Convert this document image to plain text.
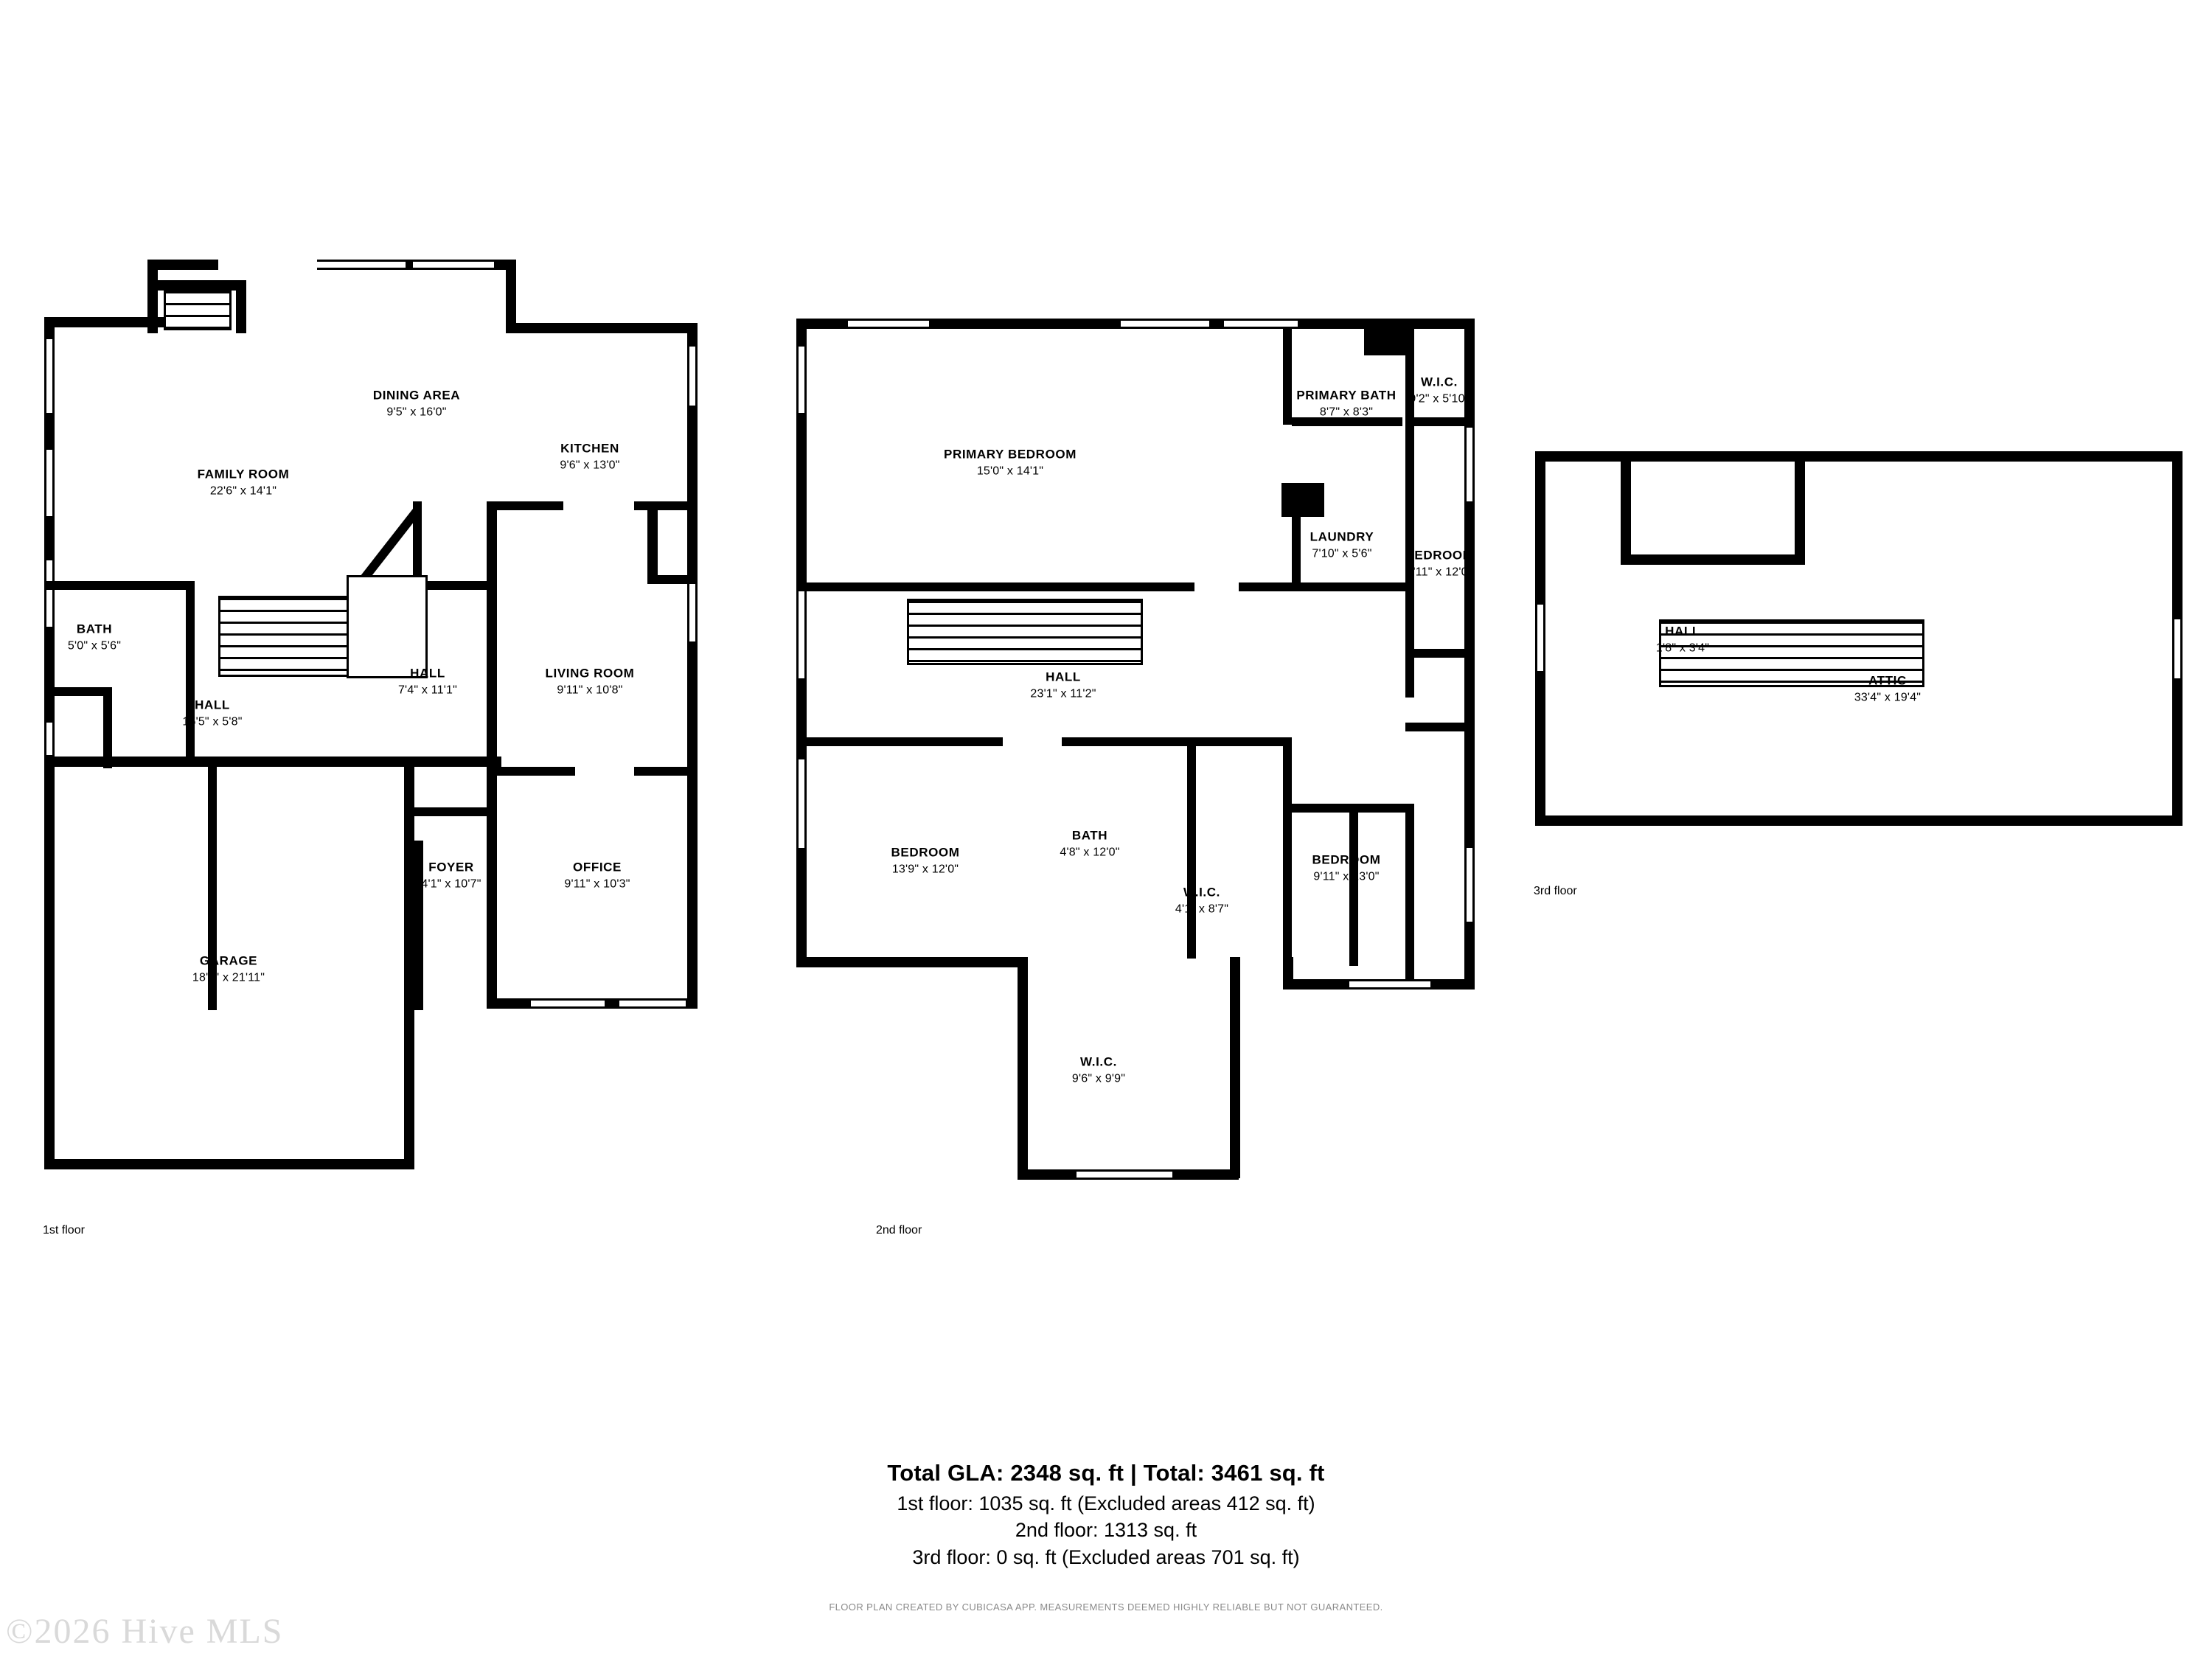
DINING AREA
9'5" x 16'0"
KITCHEN
9'6" x 13'0"
FAMILY ROOM
22'6" x 14'1"
BATH
5'0" x 5'6"
HALL
7'4" x 11'1"
LIVING ROOM
9'11" x 10'8"
HALL
15'5" x 5'8"
FOYER
4'1" x 10'7"
OFFICE
9'11" x 10'3"
GARAGE
18'6" x 21'11"
1st floor
PRIMARY BATH
8'7" x 8'3"
W.I.C.
9'2" x 5'10"
PRIMARY BEDROOM
15'0" x 14'1"
LAUNDRY
7'10" x 5'6"	BEDROOM
9'11" x 12'0"
HALL
23'1" x 11'2"
BEDROOM
13'9" x 12'0"
BATH
4'8" x 12'0"
W.I.C.
4'1" x 8'7"
BEDROOM
9'11" x 13'0"
W.I.C.
9'6" x 9'9"
2nd floor
HALL
1'8" x 3'4"
ATTIC
33'4" x 19'4"
3rd floor
Total GLA: 2348 sq. ft | Total: 3461 sq. ft
1st floor: 1035 sq. ft (Excluded areas 412 sq. ft)
2nd floor: 1313 sq. ft
3rd floor: 0 sq. ft (Excluded areas 701 sq. ft)
FLOOR PLAN CREATED BY CUBICASA APP. MEASUREMENTS DEEMED HIGHLY RELIABLE BUT NOT GUARANTEED.
©2026 Hive MLS
